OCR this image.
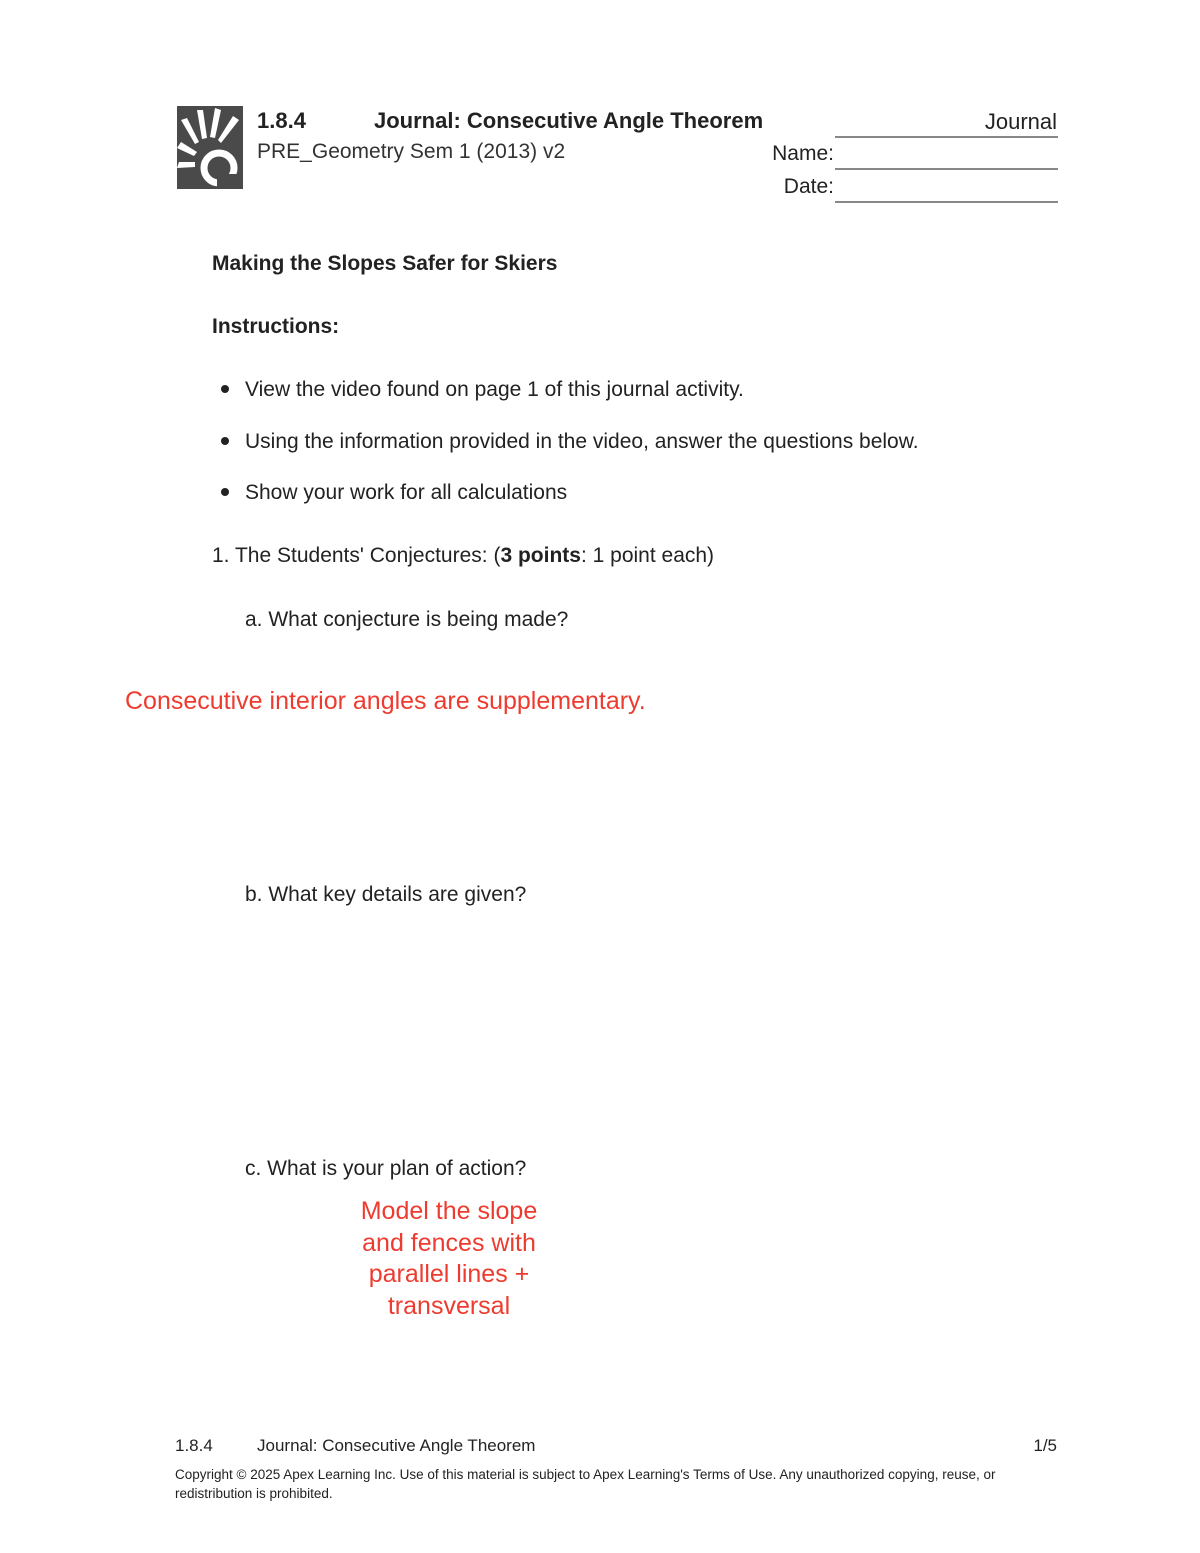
1.8.4	Journal: Consecutive Angle Theorem	Journal
PRE_Geometry Sem 1 (2013) v2	Name:
Date:
Making the Slopes Safer for Skiers
Instructions:
View the video found on page 1 of this journal activity.
Using the information provided in the video, answer the questions below.
Show your work for all calculations
1. The Students' Conjectures: (3 points: 1 point each)
a. What conjecture is being made?
Consecutive interior angles are supplementary.
b. What key details are given?
c. What is your plan of action?
Model the slope
and fences with
parallel lines +
transversal
1.8.4	Journal: Consecutive Angle Theorem	1/5
Copyright © 2025 Apex Learning Inc. Use of this material is subject to Apex Learning's Terms of Use. Any unauthorized copying, reuse, or redistribution is prohibited.
